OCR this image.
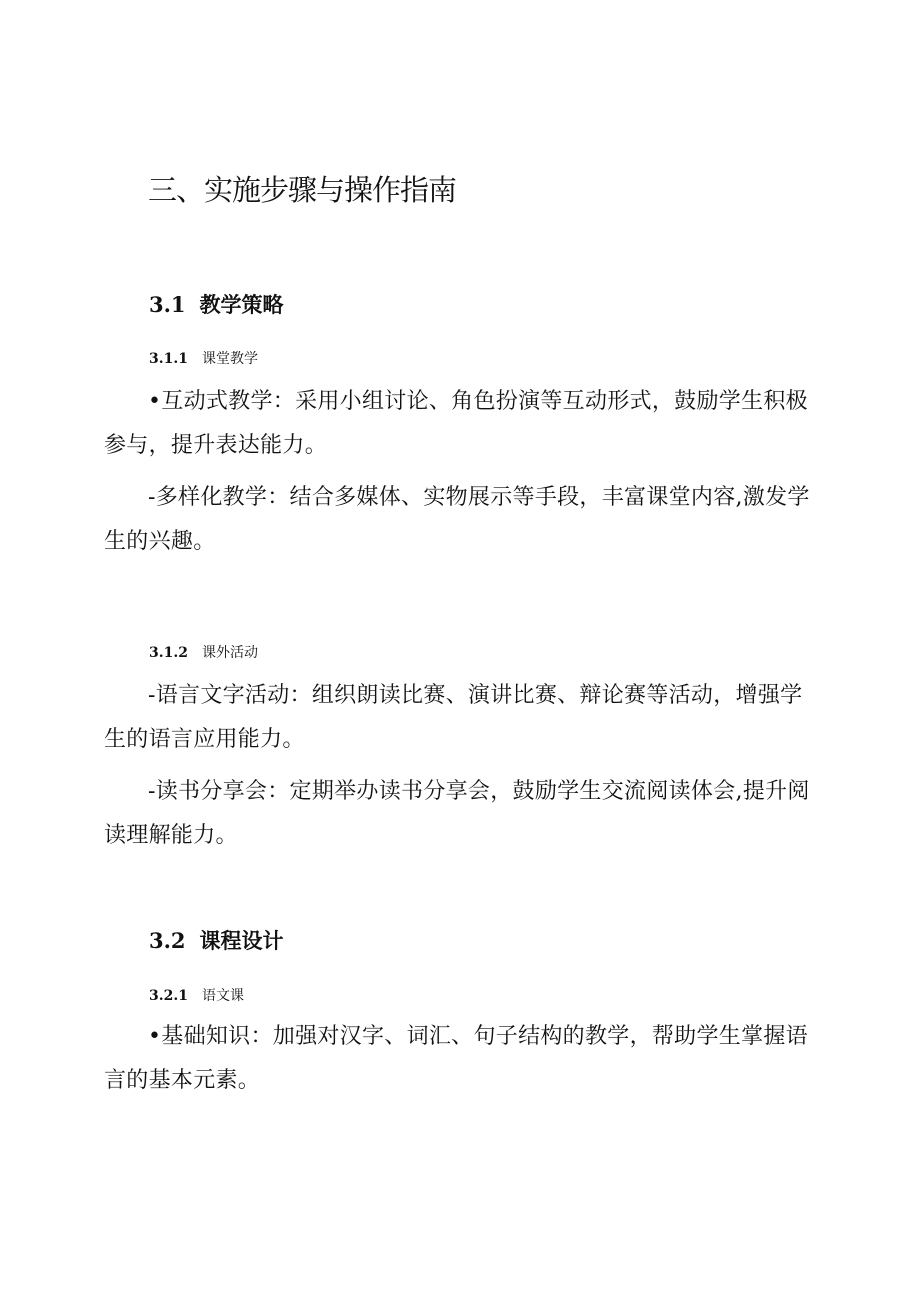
三、实施步骤与操作指南
3.1 教学策略
3.1.1 课堂教学
•互动式教学：采用小组讨论、角色扮演等互动形式，鼓励学生积极参与，提升表达能力。
-多样化教学：结合多媒体、实物展示等手段，丰富课堂内容,激发学生的兴趣。
3.1.2 课外活动
-语言文字活动：组织朗读比赛、演讲比赛、辩论赛等活动，增强学生的语言应用能力。
-读书分享会：定期举办读书分享会，鼓励学生交流阅读体会,提升阅读理解能力。
3.2 课程设计
3.2.1 语文课
•基础知识：加强对汉字、词汇、句子结构的教学，帮助学生掌握语言的基本元素。
